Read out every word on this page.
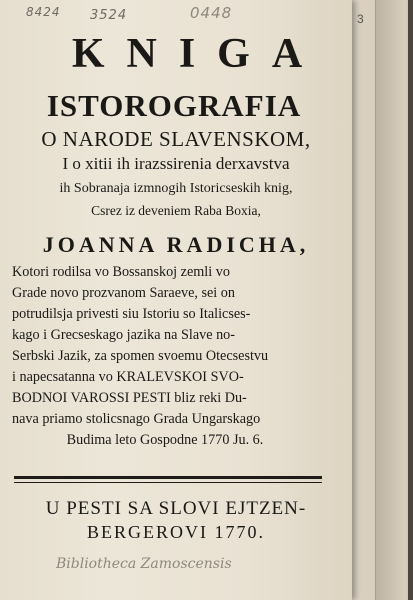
3
8424 3524	0448
KNIGA
ISTOROGRAFIA
O NARODE SLAVENSKOM,
I o xitii ih irazssirenia derxavstva
ih Sobranaja izmnogih Istoricseskih knig,
Csrez iz deveniem Raba Boxia,
JOANNA RADICHA,
Kotori rodilsa vo Bossanskoj zemli vo
Grade novo prozvanom Saraeve, sei on
potrudilsja privesti siu Istoriu so Italicses-
kago i Grecseskago jazika na Slave no-
Serbski Jazik, za spomen svoemu Otecsestvu
i napecsatanna vo KRALEVSKOI SVO-
BODNOI VAROSSI PESTI bliz reki Du-
nava priamo stolicsnago Grada Ungarskago
Budima leto Gospodne 1770 Ju. 6.
U PESTI SA SLOVI EJTZEN-
BERGEROVI 1770.
Bibliotheca Zamoscensis
